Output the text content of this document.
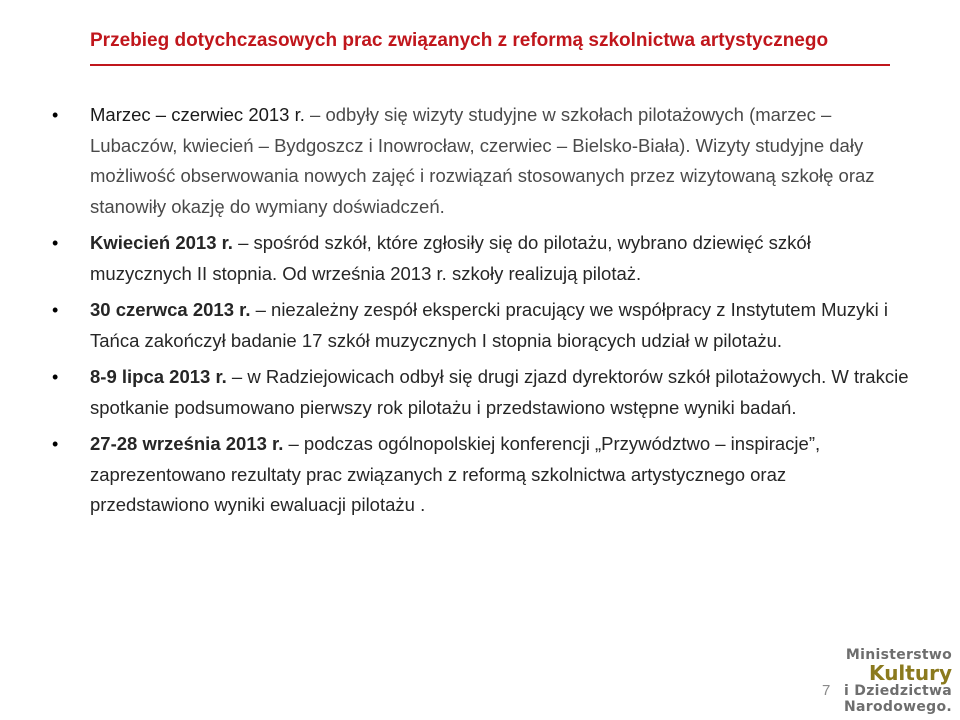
Przebieg dotychczasowych prac związanych z reformą szkolnictwa artystycznego
• Marzec – czerwiec 2013 r. – odbyły się wizyty studyjne w szkołach pilotażowych (marzec – Lubaczów, kwiecień – Bydgoszcz i Inowrocław, czerwiec – Bielsko-Biała). Wizyty studyjne dały możliwość obserwowania nowych zajęć i rozwiązań stosowanych przez wizytowaną szkołę oraz stanowiły okazję do wymiany doświadczeń.
• Kwiecień 2013 r. – spośród szkół, które zgłosiły się do pilotażu, wybrano dziewięć szkół muzycznych II stopnia. Od września 2013 r. szkoły realizują pilotaż.
• 30 czerwca 2013 r. – niezależny zespół ekspercki pracujący we współpracy z Instytutem Muzyki i Tańca zakończył badanie 17 szkół muzycznych I stopnia biorących udział w pilotażu.
• 8-9 lipca 2013 r. – w Radziejowicach odbył się drugi zjazd dyrektorów szkół pilotażowych. W trakcie spotkanie podsumowano pierwszy rok pilotażu i przedstawiono wstępne wyniki badań.
• 27-28 września 2013 r. – podczas ogólnopolskiej konferencji „Przywództwo – inspiracje”, zaprezentowano rezultaty prac związanych z reformą szkolnictwa artystycznego oraz przedstawiono wyniki ewaluacji pilotażu .
7
Ministerstwo
Kultury
i Dziedzictwa
Narodowego.
